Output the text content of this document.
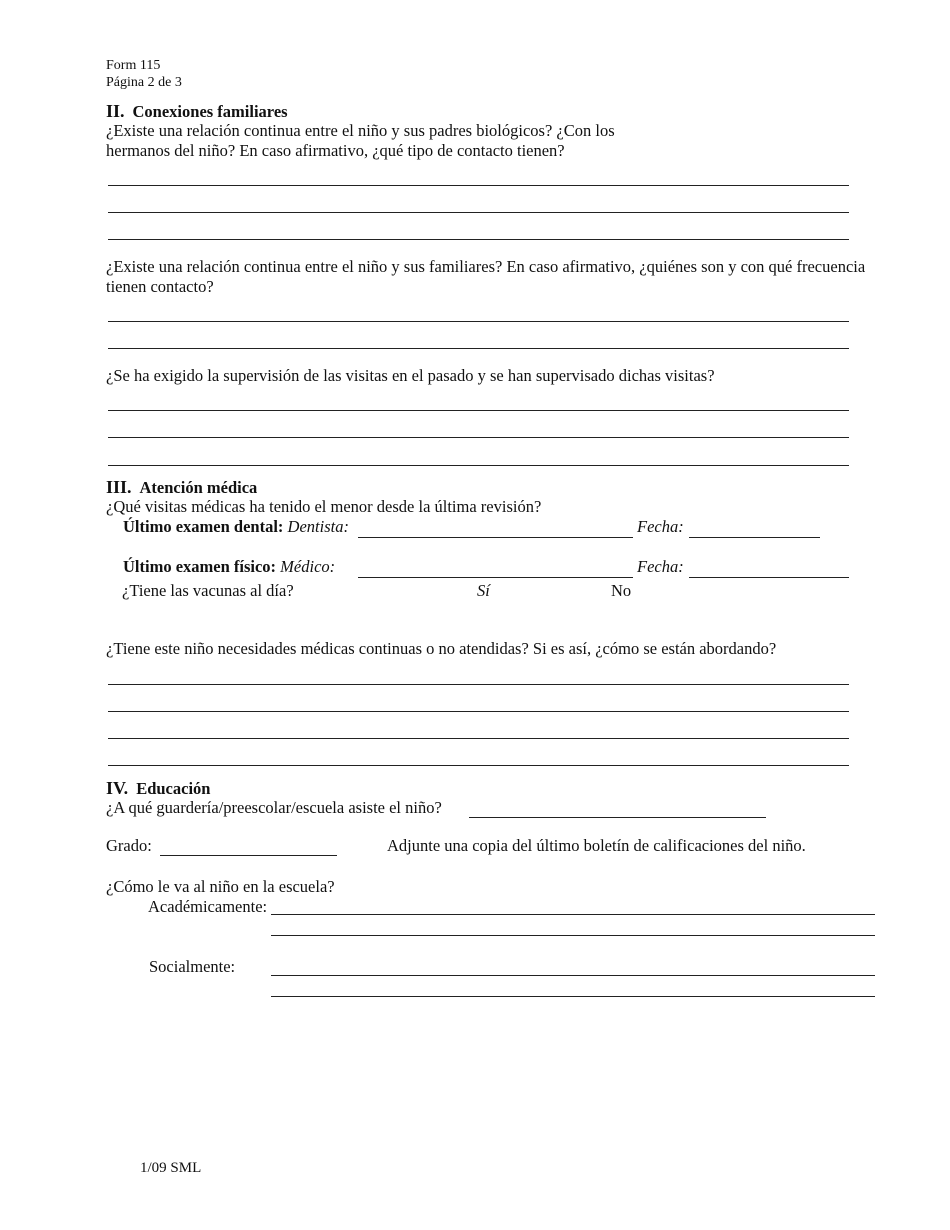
Form 115
Página 2 de 3
II. Conexiones familiares
¿Existe una relación continua entre el niño y sus padres biológicos? ¿Con los
hermanos del niño? En caso afirmativo, ¿qué tipo de contacto tienen?
¿Existe una relación continua entre el niño y sus familiares? En caso afirmativo, ¿quiénes son y con qué frecuencia
tienen contacto?
¿Se ha exigido la supervisión de las visitas en el pasado y se han supervisado dichas visitas?
III. Atención médica
¿Qué visitas médicas ha tenido el menor desde la última revisión?
Último examen dental: Dentista:	Fecha:
Último examen físico: Médico:	Fecha:
¿Tiene las vacunas al día?	Sí	No
¿Tiene este niño necesidades médicas continuas o no atendidas? Si es así, ¿cómo se están abordando?
IV. Educación
¿A qué guardería/preescolar/escuela asiste el niño?
Grado:	Adjunte una copia del último boletín de calificaciones del niño.
¿Cómo le va al niño en la escuela?
Académicamente:
Socialmente:
1/09 SML
